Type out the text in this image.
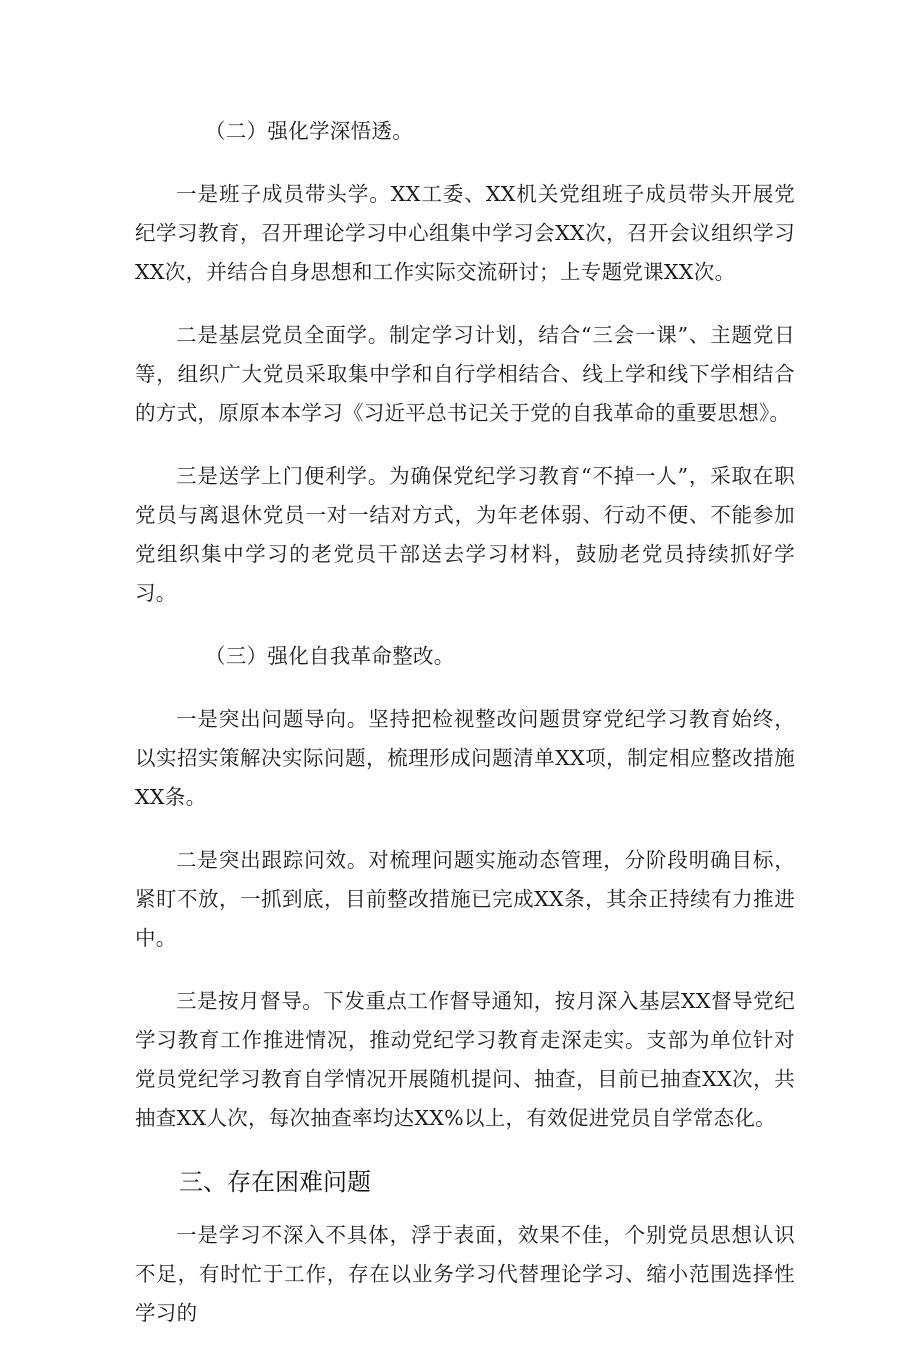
（二）强化学深悟透。

一是班子成员带头学。XX工委、XX机关党组班子成员带头开展党纪学习教育，召开理论学习中心组集中学习会XX次，召开会议组织学习XX次，并结合自身思想和工作实际交流研讨；上专题党课XX次。

二是基层党员全面学。制定学习计划，结合“三会一课”、主题党日等，组织广大党员采取集中学和自行学相结合、线上学和线下学相结合的方式，原原本本学习《习近平总书记关于党的自我革命的重要思想》。

三是送学上门便利学。为确保党纪学习教育“不掉一人”，采取在职党员与离退休党员一对一结对方式，为年老体弱、行动不便、不能参加党组织集中学习的老党员干部送去学习材料，鼓励老党员持续抓好学习。

（三）强化自我革命整改。

一是突出问题导向。坚持把检视整改问题贯穿党纪学习教育始终，以实招实策解决实际问题，梳理形成问题清单XX项，制定相应整改措施XX条。

二是突出跟踪问效。对梳理问题实施动态管理，分阶段明确目标，紧盯不放，一抓到底，目前整改措施已完成XX条，其余正持续有力推进中。

三是按月督导。下发重点工作督导通知，按月深入基层XX督导党纪学习教育工作推进情况，推动党纪学习教育走深走实。支部为单位针对党员党纪学习教育自学情况开展随机提问、抽查，目前已抽查XX次，共抽查XX人次，每次抽查率均达XX%以上，有效促进党员自学常态化。

三、存在困难问题

一是学习不深入不具体，浮于表面，效果不佳，个别党员思想认识不足，有时忙于工作，存在以业务学习代替理论学习、缩小范围选择性学习的
